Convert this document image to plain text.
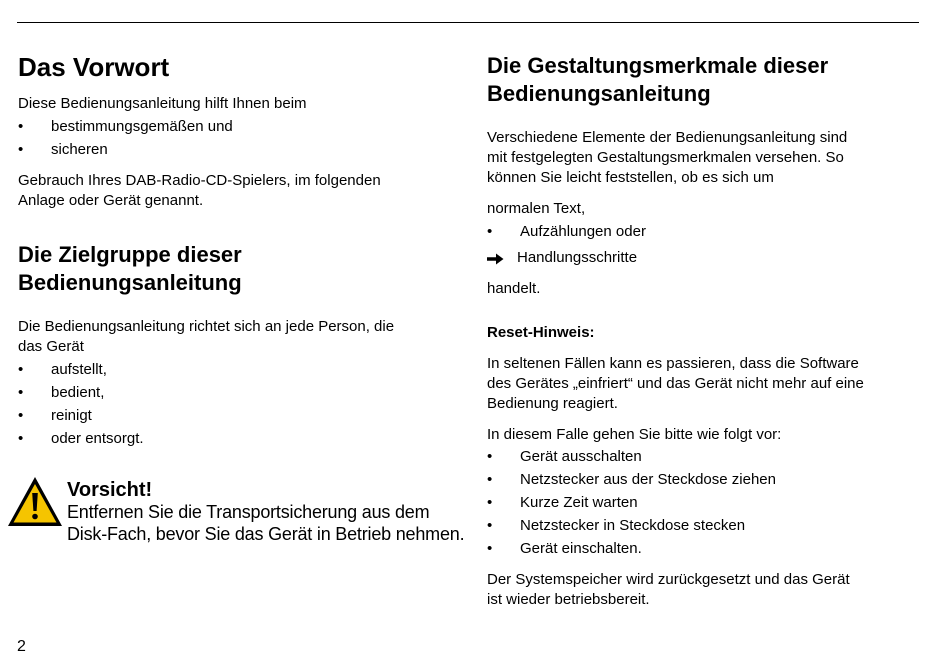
Das Vorwort
Diese Bedienungsanleitung hilft Ihnen beim
• bestimmungsgemäßen und
• sicheren
Gebrauch Ihres DAB-Radio-CD-Spielers, im folgenden
Anlage oder Gerät genannt.
Die Zielgruppe dieser
Bedienungsanleitung
Die Bedienungsanleitung richtet sich an jede Person, die
das Gerät
• aufstellt,
• bedient,
• reinigt
• oder entsorgt.
Vorsicht!
Entfernen Sie die Transportsicherung aus dem
Disk-Fach, bevor Sie das Gerät in Betrieb nehmen.
Die Gestaltungsmerkmale dieser
Bedienungsanleitung
Verschiedene Elemente der Bedienungsanleitung sind
mit festgelegten Gestaltungsmerkmalen versehen. So
können Sie leicht feststellen, ob es sich um
normalen Text,
• Aufzählungen oder
Handlungsschritte
handelt.
Reset-Hinweis:
In seltenen Fällen kann es passieren, dass die Software
des Gerätes „einfriert“ und das Gerät nicht mehr auf eine
Bedienung reagiert.
In diesem Falle gehen Sie bitte wie folgt vor:
• Gerät ausschalten
• Netzstecker aus der Steckdose ziehen
• Kurze Zeit warten
• Netzstecker in Steckdose stecken
• Gerät einschalten.
Der Systemspeicher wird zurückgesetzt und das Gerät
ist wieder betriebsbereit.
2
